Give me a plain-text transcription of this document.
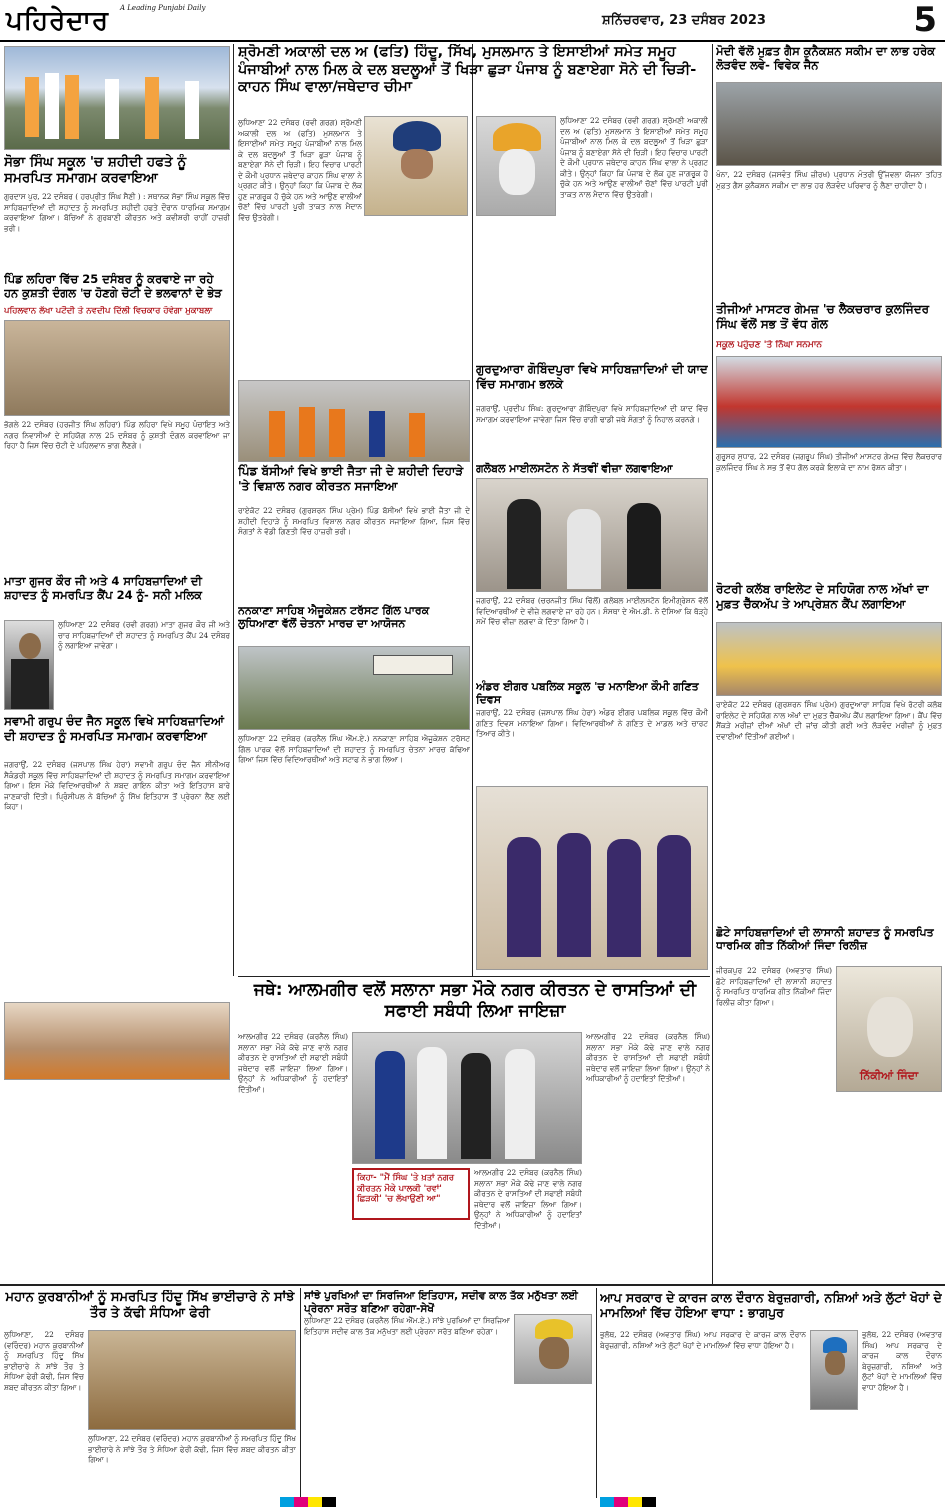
ਪਹਿਰੇਦਾਰ A Leading Punjabi Daily
ਸ਼ਨਿੱਚਰਵਾਰ, 23 ਦਸੰਬਰ 2023	5
ਸੋਭਾ ਸਿੰਘ ਸਕੂਲ 'ਚ ਸ਼ਹੀਦੀ ਹਫਤੇ ਨੂੰ ਸਮਰਪਿਤ ਸਮਾਗਮ ਕਰਵਾਇਆ
ਗੁਰਦਾਸ ਪੁਰ, 22 ਦਸੰਬਰ ( ਹਰਪ੍ਰੀਤ ਸਿੰਘ ਸੈਣੀ ) : ਸਥਾਨਕ ਸੋਭਾ ਸਿੰਘ ਸਕੂਲ ਵਿੱਚ ਸਾਹਿਬਜ਼ਾਦਿਆਂ ਦੀ ਸ਼ਹਾਦਤ ਨੂੰ ਸਮਰਪਿਤ ਸ਼ਹੀਦੀ ਹਫਤੇ ਦੌਰਾਨ ਧਾਰਮਿਕ ਸਮਾਗਮ ਕਰਵਾਇਆ ਗਿਆ। ਬੱਚਿਆਂ ਨੇ ਗੁਰਬਾਣੀ ਕੀਰਤਨ ਅਤੇ ਕਵੀਸ਼ਰੀ ਰਾਹੀਂ ਹਾਜ਼ਰੀ ਭਰੀ।
ਪਿੰਡ ਲਹਿਰਾ ਵਿੱਚ 25 ਦਸੰਬਰ ਨੂੰ ਕਰਵਾਏ ਜਾ ਰਹੇ ਹਨ ਕੁਸ਼ਤੀ ਦੰਗਲ 'ਚ ਹੋਣਗੇ ਚੋਟੀ ਦੇ ਭਲਵਾਨਾਂ ਦੇ ਭੇੜ
ਪਹਿਲਵਾਨ ਲੱਖਾ ਪਟੌਦੀ ਤੇ ਨਵਦੀਪ ਦਿੱਲੀ ਵਿਚਕਾਰ ਹੋਵੇਗਾ ਮੁਕਾਬਲਾ
ਭੋਗਲੇ 22 ਦਸੰਬਰ (ਹਰਜੀਤ ਸਿੰਘ ਲਹਿਰਾ) ਪਿੰਡ ਲਹਿਰਾ ਵਿਖੇ ਸਮੂਹ ਪੰਚਾਇਤ ਅਤੇ ਨਗਰ ਨਿਵਾਸੀਆਂ ਦੇ ਸਹਿਯੋਗ ਨਾਲ 25 ਦਸੰਬਰ ਨੂੰ ਕੁਸ਼ਤੀ ਦੰਗਲ ਕਰਵਾਇਆ ਜਾ ਰਿਹਾ ਹੈ ਜਿਸ ਵਿੱਚ ਚੋਟੀ ਦੇ ਪਹਿਲਵਾਨ ਭਾਗ ਲੈਣਗੇ।
ਮਾਤਾ ਗੁਜਰ ਕੌਰ ਜੀ ਅਤੇ 4 ਸਾਹਿਬਜ਼ਾਦਿਆਂ ਦੀ ਸ਼ਹਾਦਤ ਨੂੰ ਸਮਰਪਿਤ ਕੈਂਪ 24 ਨੂੰ- ਸਨੀ ਮਲਿਕ
ਲੁਧਿਆਣਾ 22 ਦਸੰਬਰ (ਰਵੀ ਗਰਗ) ਮਾਤਾ ਗੁਜਰ ਕੌਰ ਜੀ ਅਤੇ ਚਾਰ ਸਾਹਿਬਜ਼ਾਦਿਆਂ ਦੀ ਸ਼ਹਾਦਤ ਨੂੰ ਸਮਰਪਿਤ ਕੈਂਪ 24 ਦਸੰਬਰ ਨੂੰ ਲਗਾਇਆ ਜਾਵੇਗਾ।
ਸਵਾਮੀ ਗਰੁਪ ਚੰਦ ਜੈਨ ਸਕੂਲ ਵਿਖੇ ਸਾਹਿਬਜ਼ਾਦਿਆਂ ਦੀ ਸ਼ਹਾਦਤ ਨੂੰ ਸਮਰਪਿਤ ਸਮਾਗਮ ਕਰਵਾਇਆ
ਜਗਰਾਉਂ, 22 ਦਸੰਬਰ (ਜਸਪਾਲ ਸਿੰਘ ਹੇਰਾ) ਸਵਾਮੀ ਗਰੁਪ ਚੰਦ ਜੈਨ ਸੀਨੀਅਰ ਸੈਕੰਡਰੀ ਸਕੂਲ ਵਿੱਚ ਸਾਹਿਬਜ਼ਾਦਿਆਂ ਦੀ ਸ਼ਹਾਦਤ ਨੂੰ ਸਮਰਪਿਤ ਸਮਾਗਮ ਕਰਵਾਇਆ ਗਿਆ। ਇਸ ਮੌਕੇ ਵਿਦਿਆਰਥੀਆਂ ਨੇ ਸ਼ਬਦ ਗਾਇਨ ਕੀਤਾ ਅਤੇ ਇਤਿਹਾਸ ਬਾਰੇ ਜਾਣਕਾਰੀ ਦਿੱਤੀ। ਪ੍ਰਿੰਸੀਪਲ ਨੇ ਬੱਚਿਆਂ ਨੂੰ ਸਿੱਖ ਇਤਿਹਾਸ ਤੋਂ ਪ੍ਰੇਰਨਾ ਲੈਣ ਲਈ ਕਿਹਾ।
ਸ਼੍ਰੋਮਣੀ ਅਕਾਲੀ ਦਲ ਅ (ਫਤਿ) ਹਿੰਦੂ, ਸਿੱਖ, ਮੁਸਲਮਾਨ ਤੇ ਇਸਾਈਆਂ ਸਮੇਤ ਸਮੂਹ ਪੰਜਾਬੀਆਂ ਨਾਲ ਮਿਲ ਕੇ ਦਲ ਬਦਲੂਆਂ ਤੋਂ ਖਿੜਾ ਛੁੜਾ ਪੰਜਾਬ ਨੂੰ ਬਣਾਏਗਾ ਸੋਨੇ ਦੀ ਚਿੜੀ- ਕਾਹਨ ਸਿੰਘ ਵਾਲਾ/ਜਥੇਦਾਰ ਚੀਮਾ
ਲੁਧਿਆਣਾ 22 ਦਸੰਬਰ (ਰਵੀ ਗਰਗ) ਸ਼੍ਰੋਮਣੀ ਅਕਾਲੀ ਦਲ ਅ (ਫਤਿ) ਮੁਸਲਮਾਨ ਤੇ ਇਸਾਈਆਂ ਸਮੇਤ ਸਮੂਹ ਪੰਜਾਬੀਆਂ ਨਾਲ ਮਿਲ ਕੇ ਦਲ ਬਦਲੂਆਂ ਤੋਂ ਖਿੜਾ ਛੁੜਾ ਪੰਜਾਬ ਨੂੰ ਬਣਾਏਗਾ ਸੋਨੇ ਦੀ ਚਿੜੀ। ਇਹ ਵਿਚਾਰ ਪਾਰਟੀ ਦੇ ਕੌਮੀ ਪ੍ਰਧਾਨ ਜਥੇਦਾਰ ਕਾਹਨ ਸਿੰਘ ਵਾਲਾ ਨੇ ਪ੍ਰਗਟ ਕੀਤੇ। ਉਨ੍ਹਾਂ ਕਿਹਾ ਕਿ ਪੰਜਾਬ ਦੇ ਲੋਕ ਹੁਣ ਜਾਗਰੂਕ ਹੋ ਚੁੱਕੇ ਹਨ ਅਤੇ ਆਉਣ ਵਾਲੀਆਂ ਚੋਣਾਂ ਵਿੱਚ ਪਾਰਟੀ ਪੂਰੀ ਤਾਕਤ ਨਾਲ ਮੈਦਾਨ ਵਿੱਚ ਉਤਰੇਗੀ।
ਲੁਧਿਆਣਾ 22 ਦਸੰਬਰ (ਰਵੀ ਗਰਗ) ਸ਼੍ਰੋਮਣੀ ਅਕਾਲੀ ਦਲ ਅ (ਫਤਿ) ਮੁਸਲਮਾਨ ਤੇ ਇਸਾਈਆਂ ਸਮੇਤ ਸਮੂਹ ਪੰਜਾਬੀਆਂ ਨਾਲ ਮਿਲ ਕੇ ਦਲ ਬਦਲੂਆਂ ਤੋਂ ਖਿੜਾ ਛੁੜਾ ਪੰਜਾਬ ਨੂੰ ਬਣਾਏਗਾ ਸੋਨੇ ਦੀ ਚਿੜੀ। ਇਹ ਵਿਚਾਰ ਪਾਰਟੀ ਦੇ ਕੌਮੀ ਪ੍ਰਧਾਨ ਜਥੇਦਾਰ ਕਾਹਨ ਸਿੰਘ ਵਾਲਾ ਨੇ ਪ੍ਰਗਟ ਕੀਤੇ। ਉਨ੍ਹਾਂ ਕਿਹਾ ਕਿ ਪੰਜਾਬ ਦੇ ਲੋਕ ਹੁਣ ਜਾਗਰੂਕ ਹੋ ਚੁੱਕੇ ਹਨ ਅਤੇ ਆਉਣ ਵਾਲੀਆਂ ਚੋਣਾਂ ਵਿੱਚ ਪਾਰਟੀ ਪੂਰੀ ਤਾਕਤ ਨਾਲ ਮੈਦਾਨ ਵਿੱਚ ਉਤਰੇਗੀ।
ਪਿੰਡ ਬੱਸੀਆਂ ਵਿਖੇ ਭਾਈ ਜੈਤਾ ਜੀ ਦੇ ਸ਼ਹੀਦੀ ਦਿਹਾੜੇ 'ਤੇ ਵਿਸ਼ਾਲ ਨਗਰ ਕੀਰਤਨ ਸਜਾਇਆ
ਰਾਏਕੋਟ 22 ਦਸੰਬਰ (ਗੁਰਸ਼ਰਨ ਸਿੰਘ ਪ੍ਰੇਮ) ਪਿੰਡ ਬੱਸੀਆਂ ਵਿਖੇ ਭਾਈ ਜੈਤਾ ਜੀ ਦੇ ਸ਼ਹੀਦੀ ਦਿਹਾੜੇ ਨੂੰ ਸਮਰਪਿਤ ਵਿਸ਼ਾਲ ਨਗਰ ਕੀਰਤਨ ਸਜਾਇਆ ਗਿਆ, ਜਿਸ ਵਿੱਚ ਸੰਗਤਾਂ ਨੇ ਵੱਡੀ ਗਿਣਤੀ ਵਿੱਚ ਹਾਜ਼ਰੀ ਭਰੀ।
ਨਨਕਾਣਾ ਸਾਹਿਬ ਐਜੂਕੇਸ਼ਨ ਟਰੱਸਟ ਗਿੱਲ ਪਾਰਕ ਲੁਧਿਆਣਾ ਵੱਲੋਂ ਚੇਤਨਾ ਮਾਰਚ ਦਾ ਆਯੋਜਨ
ਲੁਧਿਆਣਾ 22 ਦਸੰਬਰ (ਕਰਨੈਲ ਸਿੰਘ ਐੱਮ.ਏ.) ਨਨਕਾਣਾ ਸਾਹਿਬ ਐਜੂਕੇਸ਼ਨ ਟਰੱਸਟ ਗਿੱਲ ਪਾਰਕ ਵੱਲੋਂ ਸਾਹਿਬਜ਼ਾਦਿਆਂ ਦੀ ਸ਼ਹਾਦਤ ਨੂੰ ਸਮਰਪਿਤ ਚੇਤਨਾ ਮਾਰਚ ਕੱਢਿਆ ਗਿਆ ਜਿਸ ਵਿੱਚ ਵਿਦਿਆਰਥੀਆਂ ਅਤੇ ਸਟਾਫ ਨੇ ਭਾਗ ਲਿਆ।
ਗੁਰਦੁਆਰਾ ਗੋਬਿੰਦਪੁਰਾ ਵਿਖੇ ਸਾਹਿਬਜ਼ਾਦਿਆਂ ਦੀ ਯਾਦ ਵਿੱਚ ਸਮਾਗਮ ਭਲਕੇ
ਜਗਰਾਉਂ, ਪ੍ਰਦੀਪ ਸਿੰਘ: ਗੁਰਦੁਆਰਾ ਗੋਬਿੰਦਪੁਰਾ ਵਿਖੇ ਸਾਹਿਬਜ਼ਾਦਿਆਂ ਦੀ ਯਾਦ ਵਿੱਚ ਸਮਾਗਮ ਕਰਵਾਇਆ ਜਾਵੇਗਾ ਜਿਸ ਵਿੱਚ ਰਾਗੀ ਢਾਡੀ ਜਥੇ ਸੰਗਤਾਂ ਨੂੰ ਨਿਹਾਲ ਕਰਨਗੇ।
ਗਲੋਬਲ ਮਾਈਲਸਟੋਨ ਨੇ ਸੱਤਵੀਂ ਵੀਜ਼ਾ ਲਗਵਾਇਆ
ਜਗਰਾਉਂ, 22 ਦਸੰਬਰ (ਚਰਨਜੀਤ ਸਿੰਘ ਢਿੱਲੋਂ) ਗਲੋਬਲ ਮਾਈਲਸਟੋਨ ਇਮੀਗ੍ਰੇਸ਼ਨ ਵੱਲੋਂ ਵਿਦਿਆਰਥੀਆਂ ਦੇ ਵੀਜ਼ੇ ਲਗਵਾਏ ਜਾ ਰਹੇ ਹਨ। ਸੰਸਥਾ ਦੇ ਐਮ.ਡੀ. ਨੇ ਦੱਸਿਆ ਕਿ ਥੋੜ੍ਹੇ ਸਮੇਂ ਵਿੱਚ ਵੀਜ਼ਾ ਲਗਵਾ ਕੇ ਦਿੱਤਾ ਗਿਆ ਹੈ।
ਅੰਡਰ ਈਗਰ ਪਬਲਿਕ ਸਕੂਲ 'ਚ ਮਨਾਇਆ ਕੌਮੀ ਗਣਿਤ ਦਿਵਸ
ਜਗਰਾਉਂ, 22 ਦਸੰਬਰ (ਜਸਪਾਲ ਸਿੰਘ ਹੇਰਾ) ਅੰਡਰ ਈਗਰ ਪਬਲਿਕ ਸਕੂਲ ਵਿੱਚ ਕੌਮੀ ਗਣਿਤ ਦਿਵਸ ਮਨਾਇਆ ਗਿਆ। ਵਿਦਿਆਰਥੀਆਂ ਨੇ ਗਣਿਤ ਦੇ ਮਾਡਲ ਅਤੇ ਚਾਰਟ ਤਿਆਰ ਕੀਤੇ।
ਮੋਦੀ ਵੱਲੋਂ ਮੁਫ਼ਤ ਗੈਸ ਕੁਨੈਕਸ਼ਨ ਸਕੀਮ ਦਾ ਲਾਭ ਹਰੇਕ ਲੋੜਵੰਦ ਲਵੇ- ਵਿਵੇਕ ਜੈਨ
ਖੰਨਾ, 22 ਦਸੰਬਰ (ਜਸਵੰਤ ਸਿੰਘ ਜ਼ੀਰਖ) ਪ੍ਰਧਾਨ ਮੰਤਰੀ ਉੱਜਵਲਾ ਯੋਜਨਾ ਤਹਿਤ ਮੁਫ਼ਤ ਗੈਸ ਕੁਨੈਕਸ਼ਨ ਸਕੀਮ ਦਾ ਲਾਭ ਹਰ ਲੋੜਵੰਦ ਪਰਿਵਾਰ ਨੂੰ ਲੈਣਾ ਚਾਹੀਦਾ ਹੈ।
ਤੀਜੀਆਂ ਮਾਸਟਰ ਗੇਮਜ਼ 'ਚ ਲੈਕਚਰਾਰ ਕੁਲਜਿੰਦਰ ਸਿੰਘ ਵੱਲੋਂ ਸਭ ਤੋਂ ਵੱਧ ਗੋਲ
ਸਕੂਲ ਪਹੁੰਚਣ 'ਤੇ ਨਿੱਘਾ ਸਨਮਾਨ
ਗੁਰੂਸਰ ਸੁਧਾਰ, 22 ਦਸੰਬਰ (ਜਗਰੂਪ ਸਿੰਘ) ਤੀਜੀਆਂ ਮਾਸਟਰ ਗੇਮਜ਼ ਵਿੱਚ ਲੈਕਚਰਾਰ ਕੁਲਜਿੰਦਰ ਸਿੰਘ ਨੇ ਸਭ ਤੋਂ ਵੱਧ ਗੋਲ ਕਰਕੇ ਇਲਾਕੇ ਦਾ ਨਾਮ ਰੋਸ਼ਨ ਕੀਤਾ।
ਰੋਟਰੀ ਕਲੱਬ ਰਾਇਲੇਟ ਦੇ ਸਹਿਯੋਗ ਨਾਲ ਅੱਖਾਂ ਦਾ ਮੁਫ਼ਤ ਚੈੱਕਅੱਪ ਤੇ ਆਪ੍ਰੇਸ਼ਨ ਕੈਂਪ ਲਗਾਇਆ
ਰਾਏਕੋਟ 22 ਦਸੰਬਰ (ਗੁਰਸ਼ਰਨ ਸਿੰਘ ਪ੍ਰੇਮ) ਗੁਰਦੁਆਰਾ ਸਾਹਿਬ ਵਿਖੇ ਰੋਟਰੀ ਕਲੱਬ ਰਾਇਲੇਟ ਦੇ ਸਹਿਯੋਗ ਨਾਲ ਅੱਖਾਂ ਦਾ ਮੁਫ਼ਤ ਚੈੱਕਅੱਪ ਕੈਂਪ ਲਗਾਇਆ ਗਿਆ। ਕੈਂਪ ਵਿੱਚ ਸੈਂਕੜੇ ਮਰੀਜ਼ਾਂ ਦੀਆਂ ਅੱਖਾਂ ਦੀ ਜਾਂਚ ਕੀਤੀ ਗਈ ਅਤੇ ਲੋੜਵੰਦ ਮਰੀਜ਼ਾਂ ਨੂੰ ਮੁਫ਼ਤ ਦਵਾਈਆਂ ਦਿੱਤੀਆਂ ਗਈਆਂ।
ਛੋਟੇ ਸਾਹਿਬਜ਼ਾਦਿਆਂ ਦੀ ਲਾਸਾਨੀ ਸ਼ਹਾਦਤ ਨੂੰ ਸਮਰਪਿਤ ਧਾਰਮਿਕ ਗੀਤ ਨਿੱਕੀਆਂ ਜਿੰਦਾ ਰਿਲੀਜ਼
ਜੀਰਕਪੁਰ 22 ਦਸੰਬਰ (ਅਵਤਾਰ ਸਿੰਘ) ਛੋਟੇ ਸਾਹਿਬਜ਼ਾਦਿਆਂ ਦੀ ਲਾਸਾਨੀ ਸ਼ਹਾਦਤ ਨੂੰ ਸਮਰਪਿਤ ਧਾਰਮਿਕ ਗੀਤ ਨਿੱਕੀਆਂ ਜਿੰਦਾ ਰਿਲੀਜ਼ ਕੀਤਾ ਗਿਆ।
ਨਿੱਕੀਆਂ ਜਿੰਦਾ
ਜਥੇ: ਆਲਮਗੀਰ ਵਲੋਂ ਸਲਾਨਾ ਸਭਾ ਮੌਕੇ ਨਗਰ ਕੀਰਤਨ ਦੇ ਰਾਸਤਿਆਂ ਦੀ ਸਫਾਈ ਸਬੰਧੀ ਲਿਆ ਜਾਇਜ਼ਾ
ਆਲਮਗੀਰ 22 ਦਸੰਬਰ (ਕਰਨੈਲ ਸਿੰਘ) ਸਲਾਨਾ ਸਭਾ ਮੌਕੇ ਕੱਢੇ ਜਾਣ ਵਾਲੇ ਨਗਰ ਕੀਰਤਨ ਦੇ ਰਾਸਤਿਆਂ ਦੀ ਸਫਾਈ ਸਬੰਧੀ ਜਥੇਦਾਰ ਵਲੋਂ ਜਾਇਜ਼ਾ ਲਿਆ ਗਿਆ। ਉਨ੍ਹਾਂ ਨੇ ਅਧਿਕਾਰੀਆਂ ਨੂੰ ਹਦਾਇਤਾਂ ਦਿੱਤੀਆਂ।
ਆਲਮਗੀਰ 22 ਦਸੰਬਰ (ਕਰਨੈਲ ਸਿੰਘ) ਸਲਾਨਾ ਸਭਾ ਮੌਕੇ ਕੱਢੇ ਜਾਣ ਵਾਲੇ ਨਗਰ ਕੀਰਤਨ ਦੇ ਰਾਸਤਿਆਂ ਦੀ ਸਫਾਈ ਸਬੰਧੀ ਜਥੇਦਾਰ ਵਲੋਂ ਜਾਇਜ਼ਾ ਲਿਆ ਗਿਆ। ਉਨ੍ਹਾਂ ਨੇ ਅਧਿਕਾਰੀਆਂ ਨੂੰ ਹਦਾਇਤਾਂ ਦਿੱਤੀਆਂ।
ਕਿਹਾ- "ਮੈਂ ਸਿੰਘ 'ਤੇ ਖ਼ਤਾਂ ਨਗਰ ਕੀਰਤਨ ਮੌਕੇ ਪਾਲਕੀ 'ਰਵਾਂ' ਛਿੜਕੀ' 'ਚ ਲੱਖਾਉਣੀ ਆ"
ਆਲਮਗੀਰ 22 ਦਸੰਬਰ (ਕਰਨੈਲ ਸਿੰਘ) ਸਲਾਨਾ ਸਭਾ ਮੌਕੇ ਕੱਢੇ ਜਾਣ ਵਾਲੇ ਨਗਰ ਕੀਰਤਨ ਦੇ ਰਾਸਤਿਆਂ ਦੀ ਸਫਾਈ ਸਬੰਧੀ ਜਥੇਦਾਰ ਵਲੋਂ ਜਾਇਜ਼ਾ ਲਿਆ ਗਿਆ। ਉਨ੍ਹਾਂ ਨੇ ਅਧਿਕਾਰੀਆਂ ਨੂੰ ਹਦਾਇਤਾਂ ਦਿੱਤੀਆਂ।
ਮਹਾਨ ਕੁਰਬਾਨੀਆਂ ਨੂੰ ਸਮਰਪਿਤ ਹਿੰਦੂ ਸਿੱਖ ਭਾਈਚਾਰੇ ਨੇ ਸਾਂਝੇ ਤੌਰ ਤੇ ਕੱਢੀ ਸੰਧਿਆ ਫੇਰੀ
ਲੁਧਿਆਣਾ, 22 ਦਸੰਬਰ (ਵਰਿੰਦਰ) ਮਹਾਨ ਕੁਰਬਾਨੀਆਂ ਨੂੰ ਸਮਰਪਿਤ ਹਿੰਦੂ ਸਿੱਖ ਭਾਈਚਾਰੇ ਨੇ ਸਾਂਝੇ ਤੌਰ ਤੇ ਸੰਧਿਆ ਫੇਰੀ ਕੱਢੀ, ਜਿਸ ਵਿੱਚ ਸ਼ਬਦ ਕੀਰਤਨ ਕੀਤਾ ਗਿਆ।
ਲੁਧਿਆਣਾ, 22 ਦਸੰਬਰ (ਵਰਿੰਦਰ) ਮਹਾਨ ਕੁਰਬਾਨੀਆਂ ਨੂੰ ਸਮਰਪਿਤ ਹਿੰਦੂ ਸਿੱਖ ਭਾਈਚਾਰੇ ਨੇ ਸਾਂਝੇ ਤੌਰ ਤੇ ਸੰਧਿਆ ਫੇਰੀ ਕੱਢੀ, ਜਿਸ ਵਿੱਚ ਸ਼ਬਦ ਕੀਰਤਨ ਕੀਤਾ ਗਿਆ।
ਸਾਂਝੇ ਪੁਰਖਿਆਂ ਦਾ ਸਿਰਜਿਆ ਇਤਿਹਾਸ, ਸਦੀਵ ਕਾਲ ਤੱਕ ਮਨੁੱਖਤਾ ਲਈ ਪ੍ਰੇਰਨਾ ਸਰੋਤ ਬਣਿਆ ਰਹੇਗਾ-ਸੇਖੋਂ
ਲੁਧਿਆਣਾ 22 ਦਸੰਬਰ (ਕਰਨੈਲ ਸਿੰਘ ਐੱਮ.ਏ.) ਸਾਂਝੇ ਪੁਰਖਿਆਂ ਦਾ ਸਿਰਜਿਆ ਇਤਿਹਾਸ ਸਦੀਵ ਕਾਲ ਤੱਕ ਮਨੁੱਖਤਾ ਲਈ ਪ੍ਰੇਰਨਾ ਸਰੋਤ ਬਣਿਆ ਰਹੇਗਾ।
ਆਪ ਸਰਕਾਰ ਦੇ ਕਾਰਜ ਕਾਲ ਦੌਰਾਨ ਬੇਰੁਜ਼ਗਾਰੀ, ਨਸ਼ਿਆਂ ਅਤੇ ਲੁੱਟਾਂ ਖੋਹਾਂ ਦੇ ਮਾਮਲਿਆਂ ਵਿੱਚ ਹੋਇਆ ਵਾਧਾ : ਭਾਗਪੁਰ
ਭੁਲੱਥ, 22 ਦਸੰਬਰ (ਅਵਤਾਰ ਸਿੰਘ) ਆਪ ਸਰਕਾਰ ਦੇ ਕਾਰਜ ਕਾਲ ਦੌਰਾਨ ਬੇਰੁਜ਼ਗਾਰੀ, ਨਸ਼ਿਆਂ ਅਤੇ ਲੁੱਟਾਂ ਖੋਹਾਂ ਦੇ ਮਾਮਲਿਆਂ ਵਿੱਚ ਵਾਧਾ ਹੋਇਆ ਹੈ।
ਭੁਲੱਥ, 22 ਦਸੰਬਰ (ਅਵਤਾਰ ਸਿੰਘ) ਆਪ ਸਰਕਾਰ ਦੇ ਕਾਰਜ ਕਾਲ ਦੌਰਾਨ ਬੇਰੁਜ਼ਗਾਰੀ, ਨਸ਼ਿਆਂ ਅਤੇ ਲੁੱਟਾਂ ਖੋਹਾਂ ਦੇ ਮਾਮਲਿਆਂ ਵਿੱਚ ਵਾਧਾ ਹੋਇਆ ਹੈ।
